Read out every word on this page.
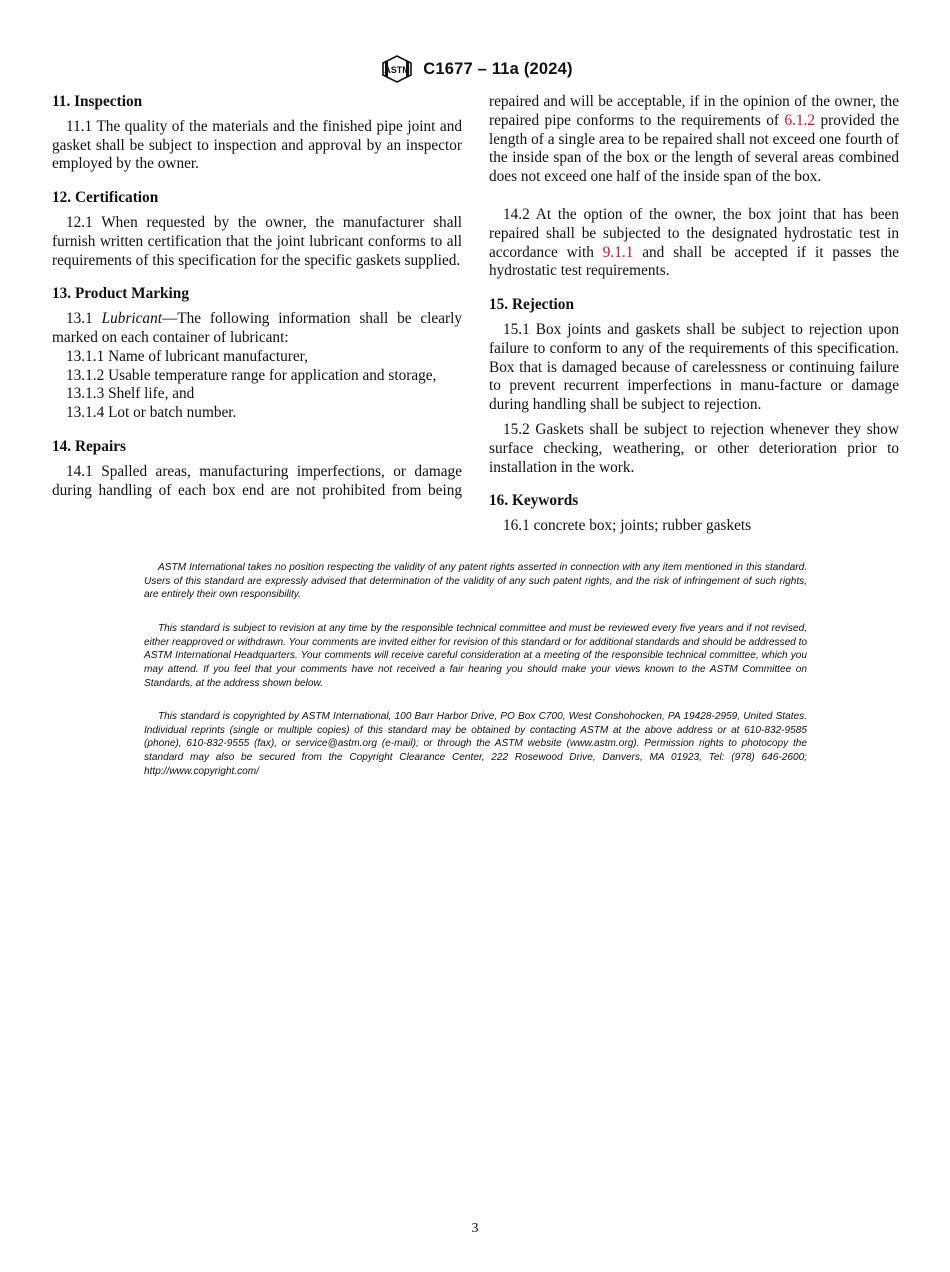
ASTM C1677 – 11a (2024)
11. Inspection

11.1 The quality of the materials and the finished pipe joint and gasket shall be subject to inspection and approval by an inspector employed by the owner.

12. Certification

12.1 When requested by the owner, the manufacturer shall furnish written certification that the joint lubricant conforms to all requirements of this specification for the specific gaskets supplied.

13. Product Marking

13.1 Lubricant—The following information shall be clearly marked on each container of lubricant:

13.1.1 Name of lubricant manufacturer,
13.1.2 Usable temperature range for application and storage,
13.1.3 Shelf life, and
13.1.4 Lot or batch number.
14. Repairs

14.1 Spalled areas, manufacturing imperfections, or damage during handling of each box end are not prohibited from being

repaired and will be acceptable, if in the opinion of the owner, the repaired pipe conforms to the requirements of 6.1.2 provided the length of a single area to be repaired shall not exceed one fourth of the inside span of the box or the length of several areas combined does not exceed one half of the inside span of the box.

14.2 At the option of the owner, the box joint that has been repaired shall be subjected to the designated hydrostatic test in accordance with 9.1.1 and shall be accepted if it passes the hydrostatic test requirements.

15. Rejection

15.1 Box joints and gaskets shall be subject to rejection upon failure to conform to any of the requirements of this specification. Box that is damaged because of carelessness or continuing failure to prevent recurrent imperfections in manu-facture or damage during handling shall be subject to rejection.

15.2 Gaskets shall be subject to rejection whenever they show surface checking, weathering, or other deterioration prior to installation in the work.

16. Keywords

16.1 concrete box; joints; rubber gaskets

ASTM International takes no position respecting the validity of any patent rights asserted in connection with any item mentioned in this standard. Users of this standard are expressly advised that determination of the validity of any such patent rights, and the risk of infringement of such rights, are entirely their own responsibility.

This standard is subject to revision at any time by the responsible technical committee and must be reviewed every five years and if not revised, either reapproved or withdrawn. Your comments are invited either for revision of this standard or for additional standards and should be addressed to ASTM International Headquarters. Your comments will receive careful consideration at a meeting of the responsible technical committee, which you may attend. If you feel that your comments have not received a fair hearing you should make your views known to the ASTM Committee on Standards, at the address shown below.

This standard is copyrighted by ASTM International, 100 Barr Harbor Drive, PO Box C700, West Conshohocken, PA 19428-2959, United States. Individual reprints (single or multiple copies) of this standard may be obtained by contacting ASTM at the above address or at 610-832-9585 (phone), 610-832-9555 (fax), or service@astm.org (e-mail); or through the ASTM website (www.astm.org). Permission rights to photocopy the standard may also be secured from the Copyright Clearance Center, 222 Rosewood Drive, Danvers, MA 01923, Tel: (978) 646-2600; http://www.copyright.com/

3
